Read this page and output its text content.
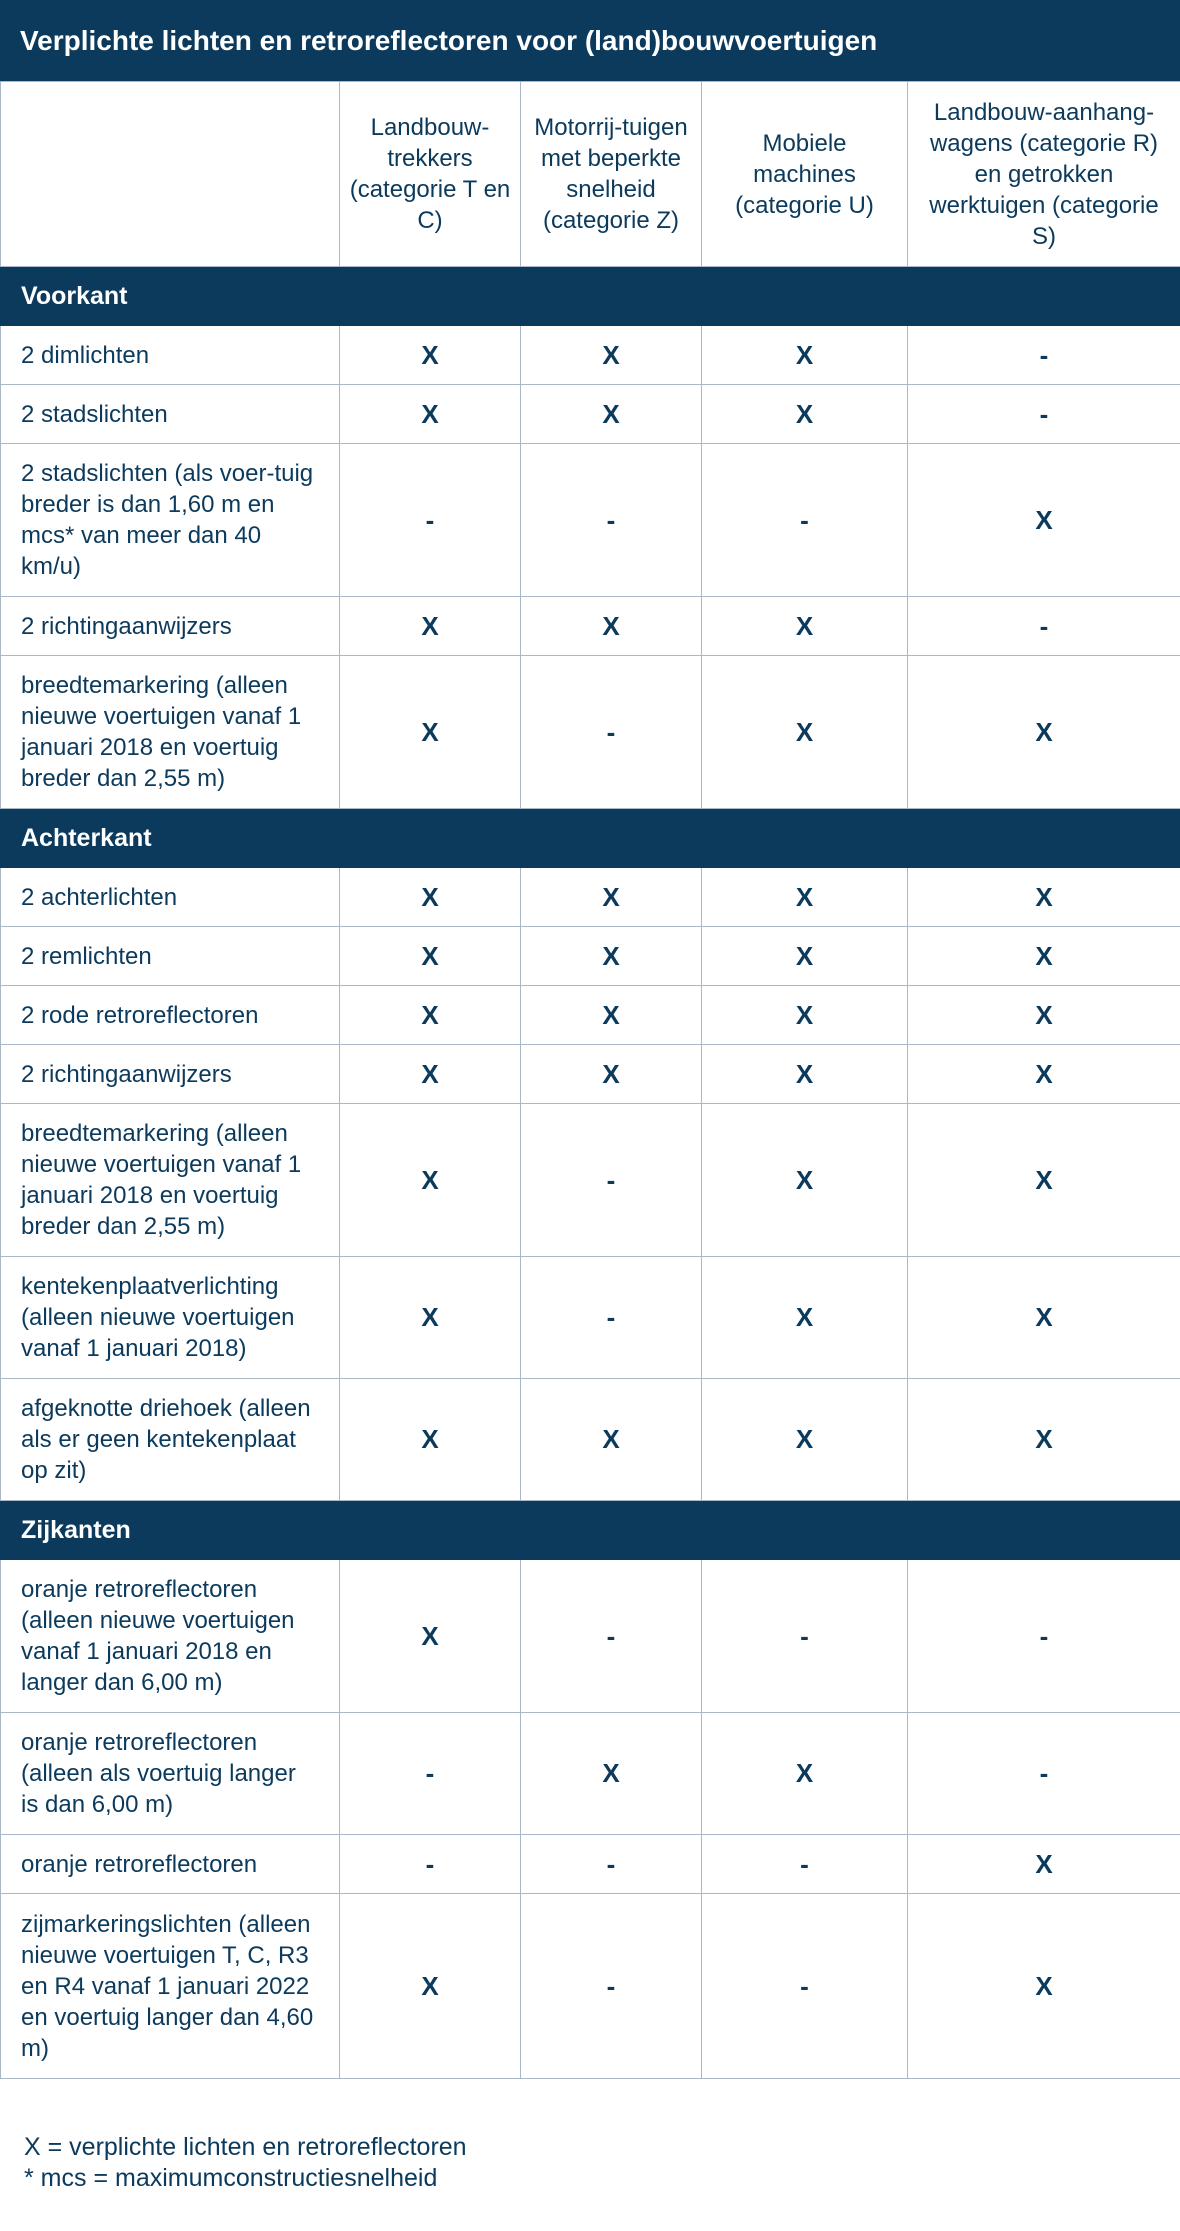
Verplichte lichten en retroreflectoren voor (land)bouwvoertuigen
	Landbouw-trekkers (categorie T en C)	Motorrij-tuigen met beperkte snelheid (categorie Z)	Mobiele machines (categorie U)	Landbouw-aanhang-wagens (categorie R) en getrokken werktuigen (categorie S)
Voorkant				
2 dimlichten	X	X	X	-
2 stadslichten	X	X	X	-
2 stadslichten (als voer-tuig breder is dan 1,60 m en mcs* van meer dan 40 km/u)	-	-	-	X
2 richtingaanwijzers	X	X	X	-
breedtemarkering (alleen nieuwe voertuigen vanaf 1 januari 2018 en voertuig breder dan 2,55 m)	X	-	X	X
Achterkant				
2 achterlichten	X	X	X	X
2 remlichten	X	X	X	X
2 rode retroreflectoren	X	X	X	X
2 richtingaanwijzers	X	X	X	X
breedtemarkering (alleen nieuwe voertuigen vanaf 1 januari 2018 en voertuig breder dan 2,55 m)	X	-	X	X
kentekenplaatverlichting (alleen nieuwe voertuigen vanaf 1 januari 2018)	X	-	X	X
afgeknotte driehoek (alleen als er geen kentekenplaat op zit)	X	X	X	X
Zijkanten				
oranje retroreflectoren (alleen nieuwe voertuigen vanaf 1 januari 2018 en langer dan 6,00 m)	X	-	-	-
oranje retroreflectoren (alleen als voertuig langer is dan 6,00 m)	-	X	X	-
oranje retroreflectoren	-	-	-	X
zijmarkeringslichten (alleen nieuwe voertuigen T, C, R3 en R4 vanaf 1 januari 2022 en voertuig langer dan 4,60 m)	X	-	-	X
X = verplichte lichten en retroreflectoren
* mcs = maximumconstructiesnelheid
